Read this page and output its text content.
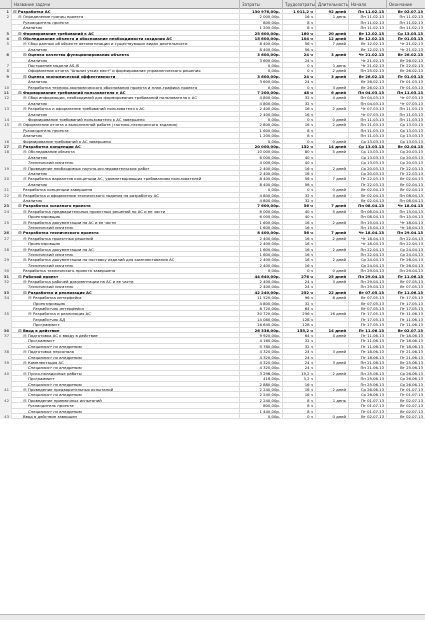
Название задачи	Затраты	Трудозатраты Длительность Начало	Окончание
1	⊟Разработка АС	130 976,00р.	1 011,2 ч	92 дней	Пн 11.02.13	Вт 02.07.13
2	⊟Определение границ проекта	2 000,00р.	16 ч	1 день	Пн 11.02.13	Пн 11.02.13
Руководитель проекта	800,00р.	8 ч	Пн 11.02.13	Пн 11.02.13
Аналитик	1 200,00р.	8 ч	Пн 11.02.13	Пн 11.02.13
3	⊟Формирование требований к АС	25 600,00р.	160 ч	20 дней	Вт 12.02.13	Ср 13.03.13
4	⊟Обследование объекта и обоснование необходимости создания АС	15 600,00р.	104 ч	12 дней	Вт 12.02.13	Пт 01.03.13
5	⊟Сбор данных об объекте автоматизации и существующих видах деятельности	8 400,00р.	56 ч	7 дней	Вт 12.02.13	Чт 21.02.13
Аналитик	8 400,00р.	56 ч	Вт 12.02.13	Чт 21.02.13
6	⊟Оценка качества функционирования объекта	3 600,00р.	24 ч	3 дней	Чт 21.02.13	Вт 26.02.13
Аналитик	3 600,00р.	24 ч	Чт 21.02.13	Вт 26.02.13
7	Построение модели AS-IS	0,00р.	0 ч	1 день	Чт 21.02.13	Пт 22.02.13
8	Оформление отчета "Анализ узких мест" и формирование управленческого решения	0,00р.	0 ч	2 дней	Пн 25.02.13	Вт 26.02.13
9	⊟Оценка экономической эффективности	3 600,00р.	24 ч	3 дней	Вт 26.02.13	Пт 01.03.13
Аналитик	3 600,00р.	24 ч	Вт 26.02.13	Пт 01.03.13
10	Разработка технико-экономического обоснования проекта и план-графика проекта	0,00р.	0 ч	3 дней	Вт 26.02.13	Пт 01.03.13
11	⊟Формирование требований пользователя к АС	7 200,00р.	48 ч	6 дней	Пн 04.03.13	Пн 11.03.13
12	⊟Сбор информации, необходимой для формирования требований пользователя к АС	4 800,00р.	32 ч	4 дней	Пн 04.03.13	Чт 07.03.13
Аналитик	4 800,00р.	32 ч	Пн 04.03.13	Чт 07.03.13
13	⊟Разработка и оформление требований пользователя к АС	2 400,00р.	16 ч	2 дней	Чт 07.03.13	Пн 11.03.13
Аналитик	2 400,00р.	16 ч	Чт 07.03.13	Пн 11.03.13
14	Формирование требований пользователя к АС завершено	0,00р.	0 ч	0 дней	Пн 11.03.13	Пн 11.03.13
15	⊟Оформление отчета о выполненной работе (тактико-технического задания)	2 800,00р.	16 ч	2 дней	Пн 11.03.13	Ср 13.03.13
Руководитель проекта	1 600,00р.	8 ч	Пн 11.03.13	Ср 13.03.13
Аналитик	1 200,00р.	8 ч	Пн 11.03.13	Ср 13.03.13
16	Формирование требований к АС завершено	0,00р.	0 ч	0 дней	Ср 13.03.13	Ср 13.03.13
17	⊟Разработка концепции АС	20 000,00р.	152 ч	14 дней	Ср 13.03.13	Вт 02.04.13
18	⊟Обследование объекта	10 000,00р.	80 ч	5 дней	Ср 13.03.13	Ср 20.03.13
Аналитик	6 000,00р.	40 ч	Ср 13.03.13	Ср 20.03.13
Технический писатель	4 000,00р.	40 ч	Ср 13.03.13	Ср 20.03.13
19	⊟Проведение необходимых научно-исследовательских работ	2 400,00р.	16 ч	2 дней	Ср 20.03.13	Пт 22.03.13
Аналитик	2 400,00р.	16 ч	Ср 20.03.13	Пт 22.03.13
20	⊟Разработка вариантов концепции АС, удовлетворяющих требованиям пользователей	8 400,00р.	56 ч	7 дней	Пт 22.03.13	Вт 02.04.13
Аналитик	8 400,00р.	56 ч	Пт 22.03.13	Вт 02.04.13
21	Разработка концепции завершена	0,00р.	0 ч	0 дней	Вт 02.04.13	Вт 02.04.13
22	⊟Разработка и оформление технического задания на разработку АС	4 800,00р.	32 ч	4 дней	Вт 02.04.13	Пн 08.04.13
Аналитик	4 800,00р.	32 ч	Вт 02.04.13	Пн 08.04.13
23	⊟Разработка эскизного проекта	7 600,00р.	56 ч	7 дней	Пн 08.04.13	Чт 18.04.13
24	⊟Разработка предварительных проектных решений по АС и ее части	6 000,00р.	40 ч	5 дней	Пн 08.04.13	Пн 15.04.13
Проектировщик	6 000,00р.	40 ч	Пн 08.04.13	Пн 15.04.13
25	⊟Разработка документации на АС и ее части	1 600,00р.	16 ч	2 дней	Пн 15.04.13	Чт 18.04.13
Технический писатель	1 600,00р.	16 ч	Пн 15.04.13	Чт 18.04.13
26	⊟Разработка технического проекта	8 400,00р.	56 ч	7 дней	Чт 18.04.13	Пн 29.04.13
27	⊟Разработка проектных решений	2 400,00р.	16 ч	2 дней	Чт 18.04.13	Пн 22.04.13
Проектировщик	2 400,00р.	16 ч	Чт 18.04.13	Пн 22.04.13
28	⊟Разработка документации на АС	1 600,00р.	16 ч	2 дней	Пн 22.04.13	Ср 24.04.13
Технический писатель	1 600,00р.	16 ч	Пн 22.04.13	Ср 24.04.13
29	⊟Разработка документации на поставку изделий для комплектования АС	2 400,00р.	16 ч	2 дней	Ср 24.04.13	Пт 26.04.13
Технический писатель	2 400,00р.	16 ч	Ср 24.04.13	Пт 26.04.13
30	Разработка технического проекта завершена	0,00р.	0 ч	0 дней	Пн 29.04.13	Пн 29.04.13
31	⊟Рабочий проект	44 640,00р.	276 ч	25 дней	Пн 29.04.13	Пт 11.06.13
32	⊟Разработка рабочей документации на АС и ее части	2 400,00р.	24 ч	3 дней	Пн 29.04.13	Вт 07.05.13
Технический писатель	2 400,00р.	24 ч	Пн 29.04.13	Вт 07.05.13
33	⊟Разработка и реализация АС	42 240,00р.	252 ч	22 дней	Вт 07.05.13	Пт 11.06.13
34	⊟Разработка интерфейса	11 520,00р.	96 ч	8 дней	Вт 07.05.13	Пт 17.05.13
Проектировщик	4 800,00р.	32 ч	Вт 07.05.13	Пт 17.05.13
Разработчик интерфейса	6 720,00р.	64 ч	Вт 07.05.13	Пт 17.05.13
35	⊟Разработка и реализация АС	30 720,00р.	256 ч	16 дней	Пт 17.05.13	Пт 11.06.13
Разработчик БД	14 080,00р.	128 ч	Пт 17.05.13	Пт 11.06.13
Программист	16 640,00р.	128 ч	Пт 17.05.13	Пт 11.06.13
36	⊟Ввод в действие	26 336,00р.	155,2 ч	14 дней	Пт 11.06.13	Вт 02.07.13
37	⊟Подготовка АС к вводу в действие	9 920,00р.	64 ч	4 дней	Пт 11.06.13	Пт 18.06.13
Программист	4 160,00р.	32 ч	Пт 11.06.13	Пт 18.06.13
Специалист по внедрению	5 760,00р.	32 ч	Пт 11.06.13	Пт 18.06.13
38	⊟Подготовка персонала	4 320,00р.	24 ч	3 дней	Пт 18.06.13	Пт 21.06.13
Специалист по внедрению	4 320,00р.	24 ч	Пт 18.06.13	Пт 21.06.13
39	⊟Комплектация АС	4 320,00р.	24 ч	3 дней	Пн 21.06.13	Вт 25.06.13
Специалист по внедрению	4 320,00р.	24 ч	Пн 21.06.13	Вт 25.06.13
40	⊟Пуско-наладочные работы	3 296,00р.	19,2 ч	2 дней	Пн 25.06.13	Ср 26.06.13
Программист	416,00р.	3,2 ч	Пн 25.06.13	Ср 26.06.13
Специалист по внедрению	2 880,00р.	16 ч	Пн 25.06.13	Ср 26.06.13
41	⊟Проведение предварительных испытаний	2 240,00р.	16 ч	2 дней	Ср 26.06.13	Пт 01.07.13
Специалист по внедрению	2 240,00р.	16 ч	Ср 26.06.13	Пт 01.07.13
42	⊟Проведение приемочных испытаний	2 240,00р.	8 ч	1 день	Пт 01.07.13	Вт 02.07.13
Руководитель проекта	800,00р.	8 ч	Пт 01.07.13	Вт 02.07.13
Специалист по внедрению	1 440,00р.	8 ч	Пт 01.07.13	Вт 02.07.13
43	Ввод в действие завершен	0,00р.	0 ч	0 дней	Вт 02.07.13	Вт 02.07.13
